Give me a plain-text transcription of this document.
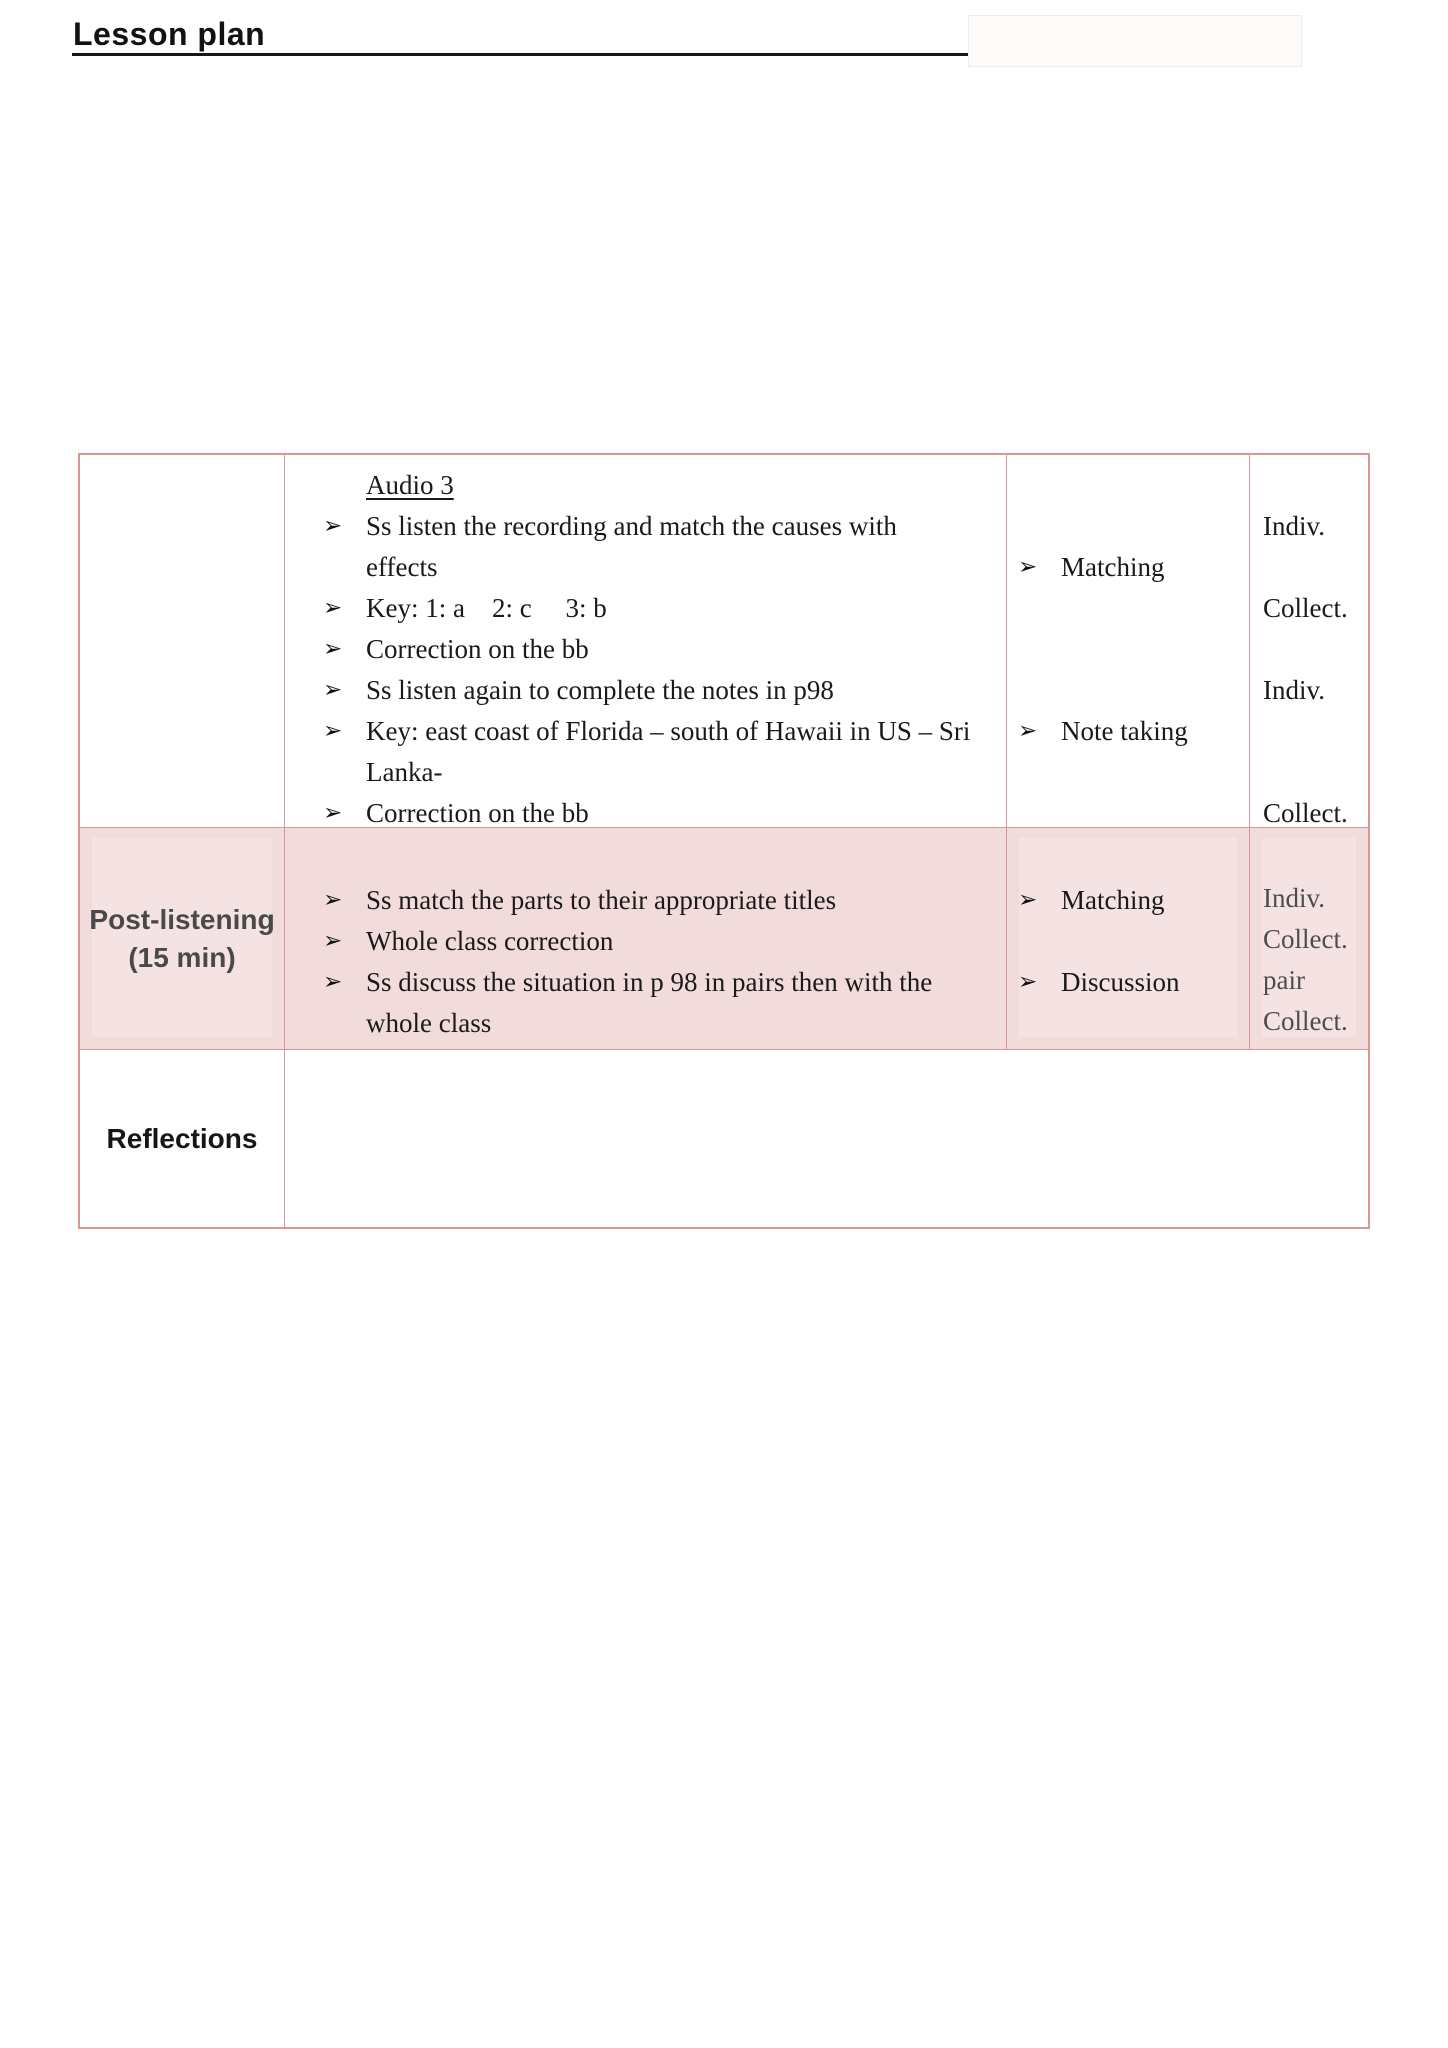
Lesson plan
Audio 3
➢ Ss listen the recording and match the causes with effects
➢ Key: 1: a    2: c     3: b
➢ Correction on the bb
➢ Ss listen again to complete the notes in p98
➢ Key: east coast of Florida – south of Hawaii in US – Sri Lanka-
➢ Correction on the bb
➢ Matching
➢ Note taking
Indiv.
Collect.
Indiv.
Collect.
Post-listening
(15 min)
➢ Ss match the parts to their appropriate titles
➢ Whole class correction
➢ Ss discuss the situation in p 98 in pairs then with the whole class
➢ Matching
➢ Discussion
Indiv.
Collect.
pair
Collect.
Reflections
